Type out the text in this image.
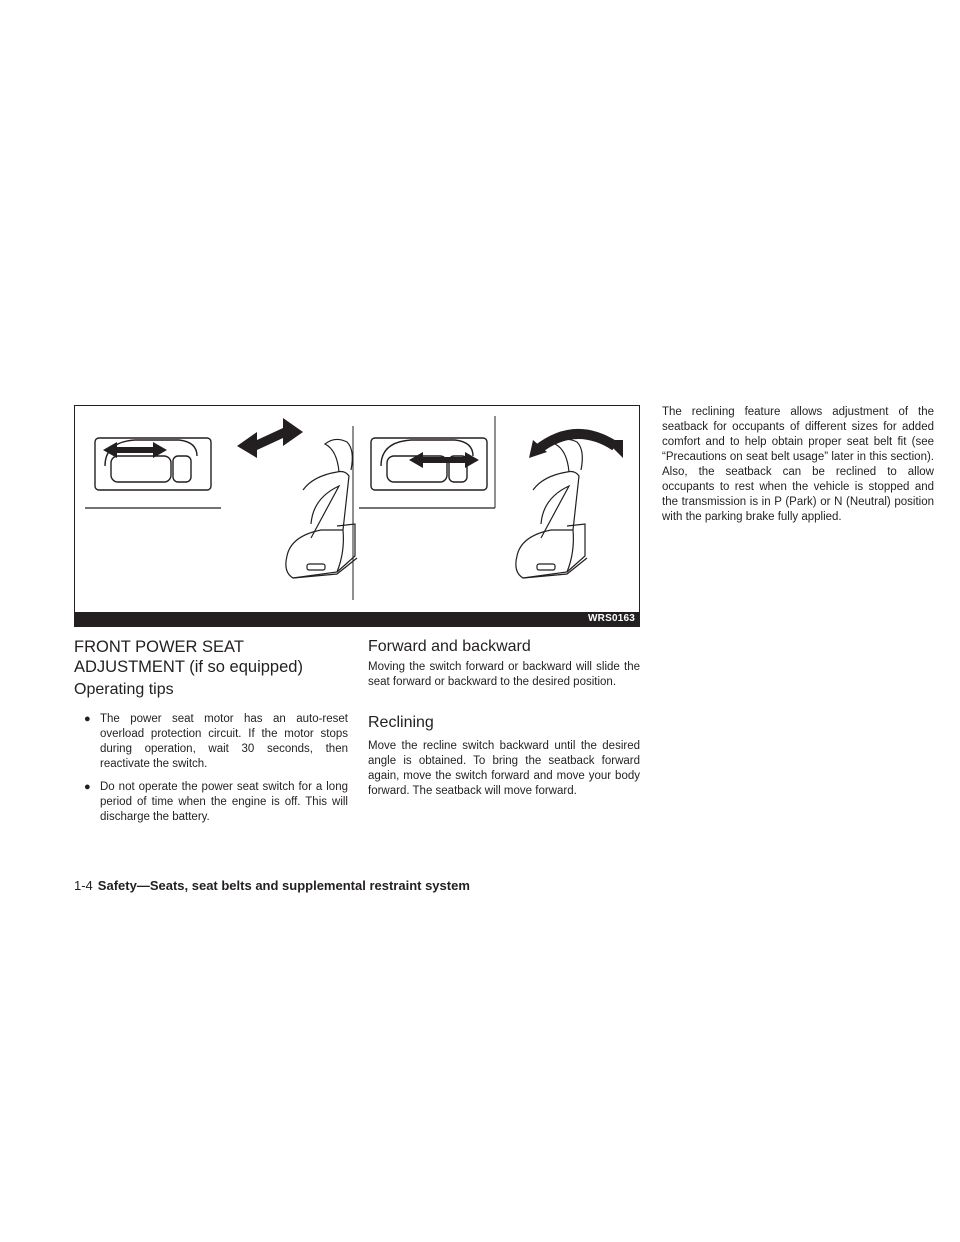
WRS0163
FRONT POWER SEAT ADJUSTMENT (if so equipped)
Operating tips
● The power seat motor has an auto-reset overload protection circuit. If the motor stops during operation, wait 30 seconds, then reactivate the switch.
● Do not operate the power seat switch for a long period of time when the engine is off. This will discharge the battery.
Forward and backward

Moving the switch forward or backward will slide the seat forward or backward to the desired position.

Reclining

Move the recline switch backward until the desired angle is obtained. To bring the seatback forward again, move the switch forward and move your body forward. The seatback will move forward.

The reclining feature allows adjustment of the seatback for occupants of different sizes for added comfort and to help obtain proper seat belt fit (see “Precautions on seat belt usage” later in this section). Also, the seatback can be reclined to allow occupants to rest when the vehicle is stopped and the transmission is in P (Park) or N (Neutral) position with the parking brake fully applied.

1-4 Safety—Seats, seat belts and supplemental restraint system
